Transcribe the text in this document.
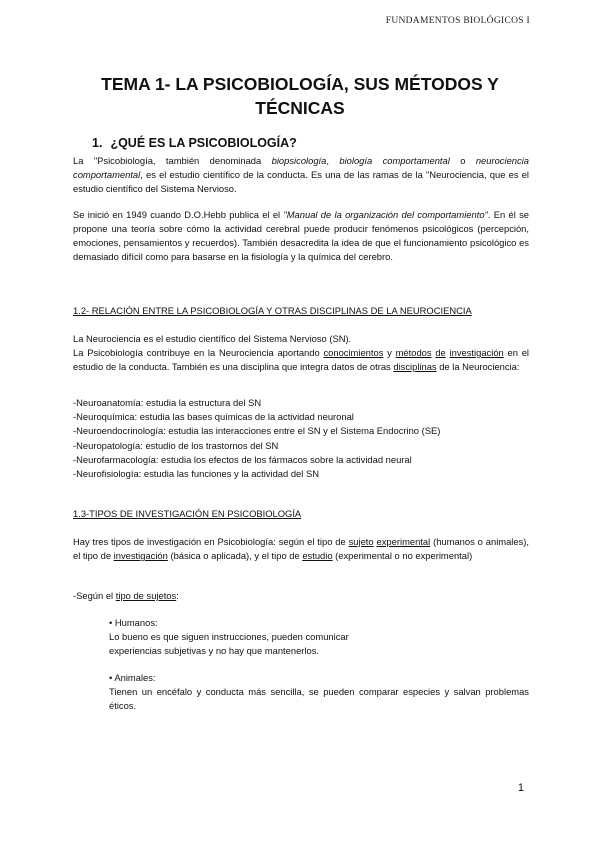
FUNDAMENTOS BIOLÓGICOS I
TEMA 1- LA PSICOBIOLOGÍA, SUS MÉTODOS Y
TÉCNICAS
1. ¿QUÉ ES LA PSICOBIOLOGÍA?

La "Psicobiología, también denominada biopsicología, biología comportamental o neurociencia comportamental, es el estudio científico de la conducta. Es una de las ramas de la "Neurociencia, que es el estudio científico del Sistema Nervioso.

Se inició en 1949 cuando D.O.Hebb publica el el "Manual de la organización del comportamiento". En él se propone una teoría sobre cómo la actividad cerebral puede producir fenómenos psicológicos (percepción, emociones, pensamientos y recuerdos). También desacredita la idea de que el funcionamiento psicológico es demasiado difícil como para basarse en la fisiología y la química del cerebro.

1.2- RELACIÓN ENTRE LA PSICOBIOLOGÍA Y OTRAS DISCIPLINAS DE LA NEUROCIENCIA

La Neurociencia es el estudio científico del Sistema Nervioso (SN).

La Psicobiología contribuye en la Neurociencia aportando conocimientos y métodos de investigación en el estudio de la conducta. También es una disciplina que integra datos de otras disciplinas de la Neurociencia:

-Neuroanatomía: estudia la estructura del SN
-Neuroquímica: estudia las bases químicas de la actividad neuronal
-Neuroendocrinología: estudia las interacciones entre el SN y el Sistema Endocrino (SE)
-Neuropatología: estudio de los trastornos del SN
-Neurofarmacología: estudia los efectos de los fármacos sobre la actividad neural
-Neurofisiología: estudia las funciones y la actividad del SN

1.3-TIPOS DE INVESTIGACIÓN EN PSICOBIOLOGÍA

Hay tres tipos de investigación en Psicobiología: según el tipo de sujeto experimental (humanos o animales), el tipo de investigación (básica o aplicada), y el tipo de estudio (experimental o no experimental)

-Según el tipo de sujetos:

• Humanos:

Lo bueno es que siguen instrucciones, pueden comunicar

experiencias subjetivas y no hay que mantenerlos.

• Animales:

Tienen un encéfalo y conducta más sencilla, se pueden comparar especies y salvan problemas éticos.

1
